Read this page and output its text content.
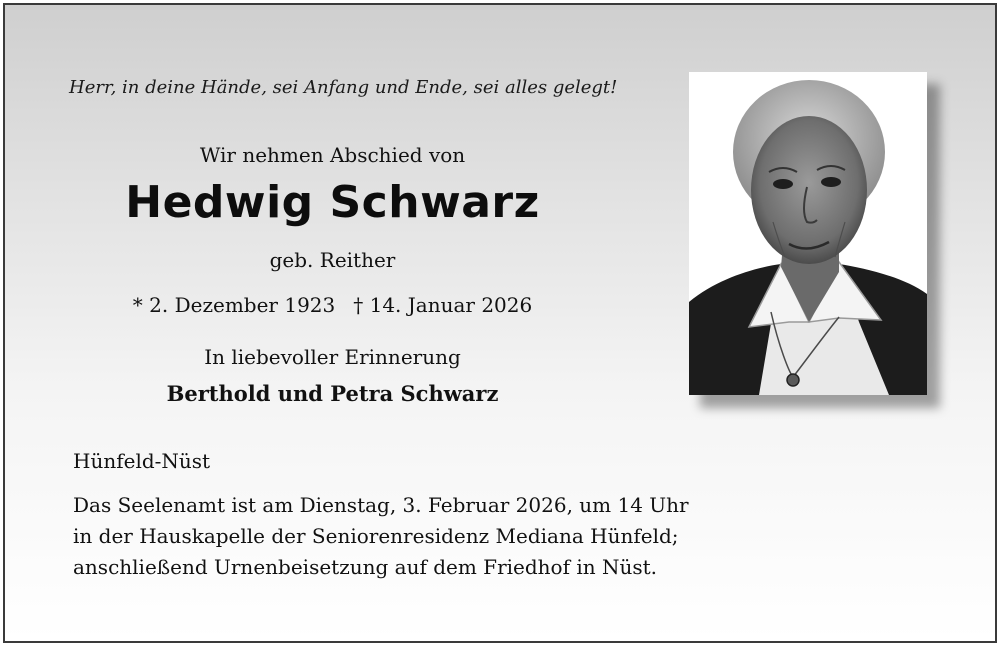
Herr, in deine Hände, sei Anfang und Ende, sei alles gelegt!
Wir nehmen Abschied von
Hedwig Schwarz
geb. Reither
* 2. Dezember 1923 † 14. Januar 2026
In liebevoller Erinnerung
Berthold und Petra Schwarz
Hünfeld-Nüst
Das Seelenamt ist am Dienstag, 3. Februar 2026, um 14 Uhr
in der Hauskapelle der Seniorenresidenz Mediana Hünfeld;
anschließend Urnenbeisetzung auf dem Friedhof in Nüst.
